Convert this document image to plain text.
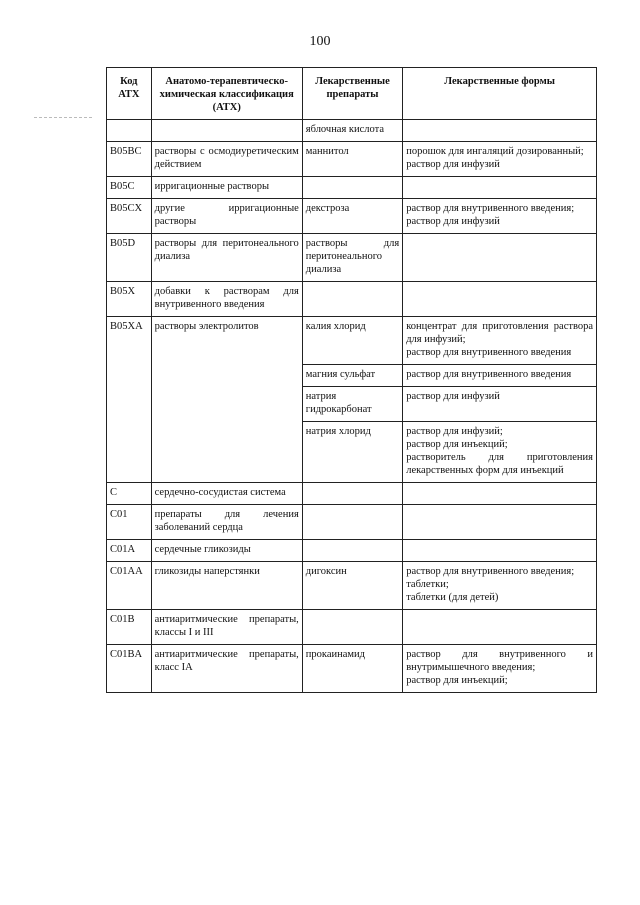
100
Код АТХ	Анатомо-терапевтическо-химическая классификация (АТХ)	Лекарственные препараты	Лекарственные формы
		яблочная кислота	
B05BC	растворы с осмодиуретическим действием	маннитол	порошок для ингаляций дозированный;
раствор для инфузий

B05C	ирригационные растворы		
B05CX	другие ирригационные растворы	декстроза	раствор для внутривенного введения;
раствор для инфузий

B05D	растворы для перитонеального диализа	растворы для перитонеального диализа	
B05X	добавки к растворам для внутривенного введения		
B05XA	растворы электролитов	калия хлорид	концентрат для приготовления раствора для инфузий;
раствор для внутривенного введения

		магния сульфат	раствор для внутривенного введения

		натрия гидрокарбонат	раствор для инфузий

		натрия хлорид	раствор для инфузий;
раствор для инъекций;
растворитель для приготовления лекарственных форм для инъекций

C	сердечно-сосудистая система		
C01	препараты для лечения заболеваний сердца		
C01A	сердечные гликозиды		
C01AA	гликозиды наперстянки	дигоксин	раствор для внутривенного введения;
таблетки;
таблетки (для детей)

C01B	антиаритмические препараты, классы I и III		
C01BA	антиаритмические препараты, класс IA	прокаинамид	раствор для внутривенного и внутримышечного введения;
раствор для инъекций;
